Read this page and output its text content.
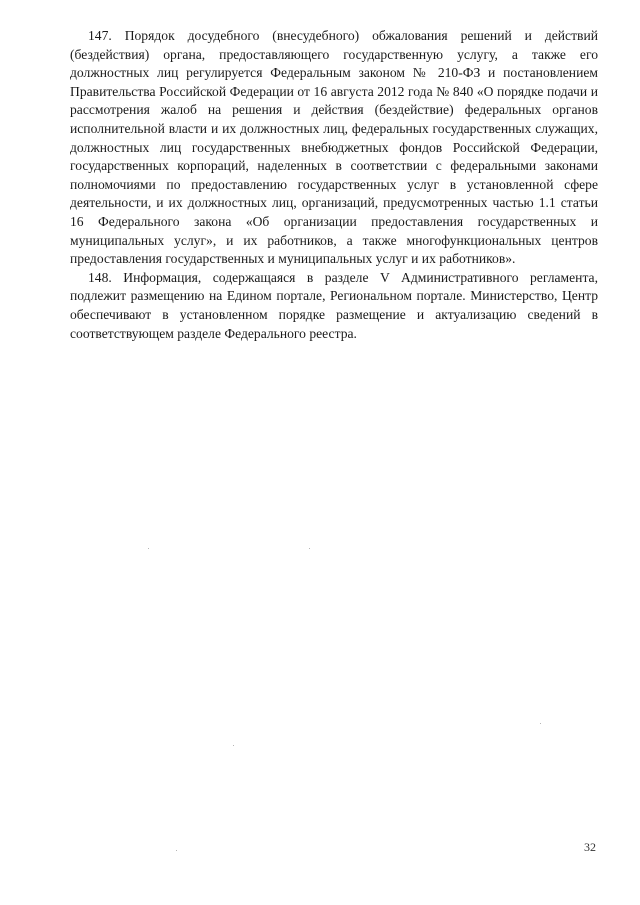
147. Порядок досудебного (внесудебного) обжалования решений и действий (бездействия) органа, предоставляющего государственную услугу, а также его должностных лиц регулируется Федеральным законом № 210-ФЗ и постановлением Правительства Российской Федерации от 16 августа 2012 года № 840 «О порядке подачи и рассмотрения жалоб на решения и действия (бездействие) федеральных органов исполнительной власти и их должностных лиц, федеральных государственных служащих, должностных лиц государственных внебюджетных фондов Российской Федерации, государственных корпораций, наделенных в соответствии с федеральными законами полномочиями по предоставлению государственных услуг в установленной сфере деятельности, и их должностных лиц, организаций, предусмотренных частью 1.1 статьи 16 Федерального закона «Об организации предоставления государственных и муниципальных услуг», и их работников, а также многофункциональных центров предоставления государственных и муниципальных услуг и их работников».

148. Информация, содержащаяся в разделе V Административного регламента, подлежит размещению на Едином портале, Региональном портале. Министерство, Центр обеспечивают в установленном порядке размещение и актуализацию сведений в соответствующем разделе Федерального реестра.

32
